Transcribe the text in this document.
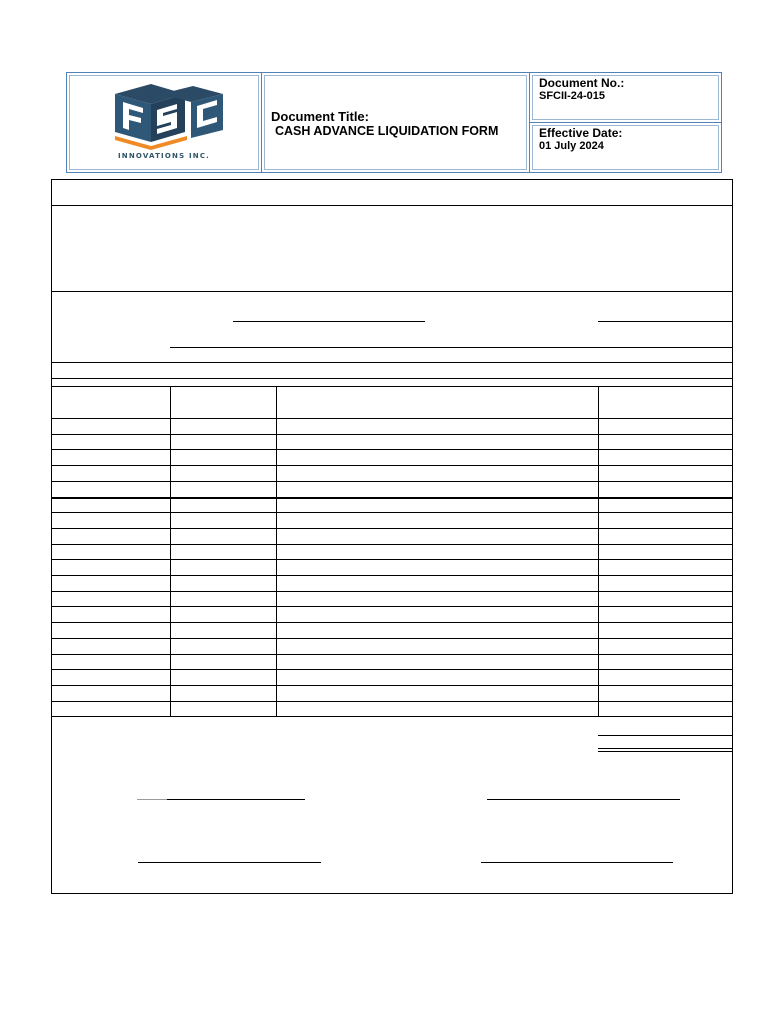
INNOVATIONS INC.
Document Title:
CASH ADVANCE LIQUIDATION FORM
Document No.:
SFCII-24-015
Effective Date:
01 July 2024
